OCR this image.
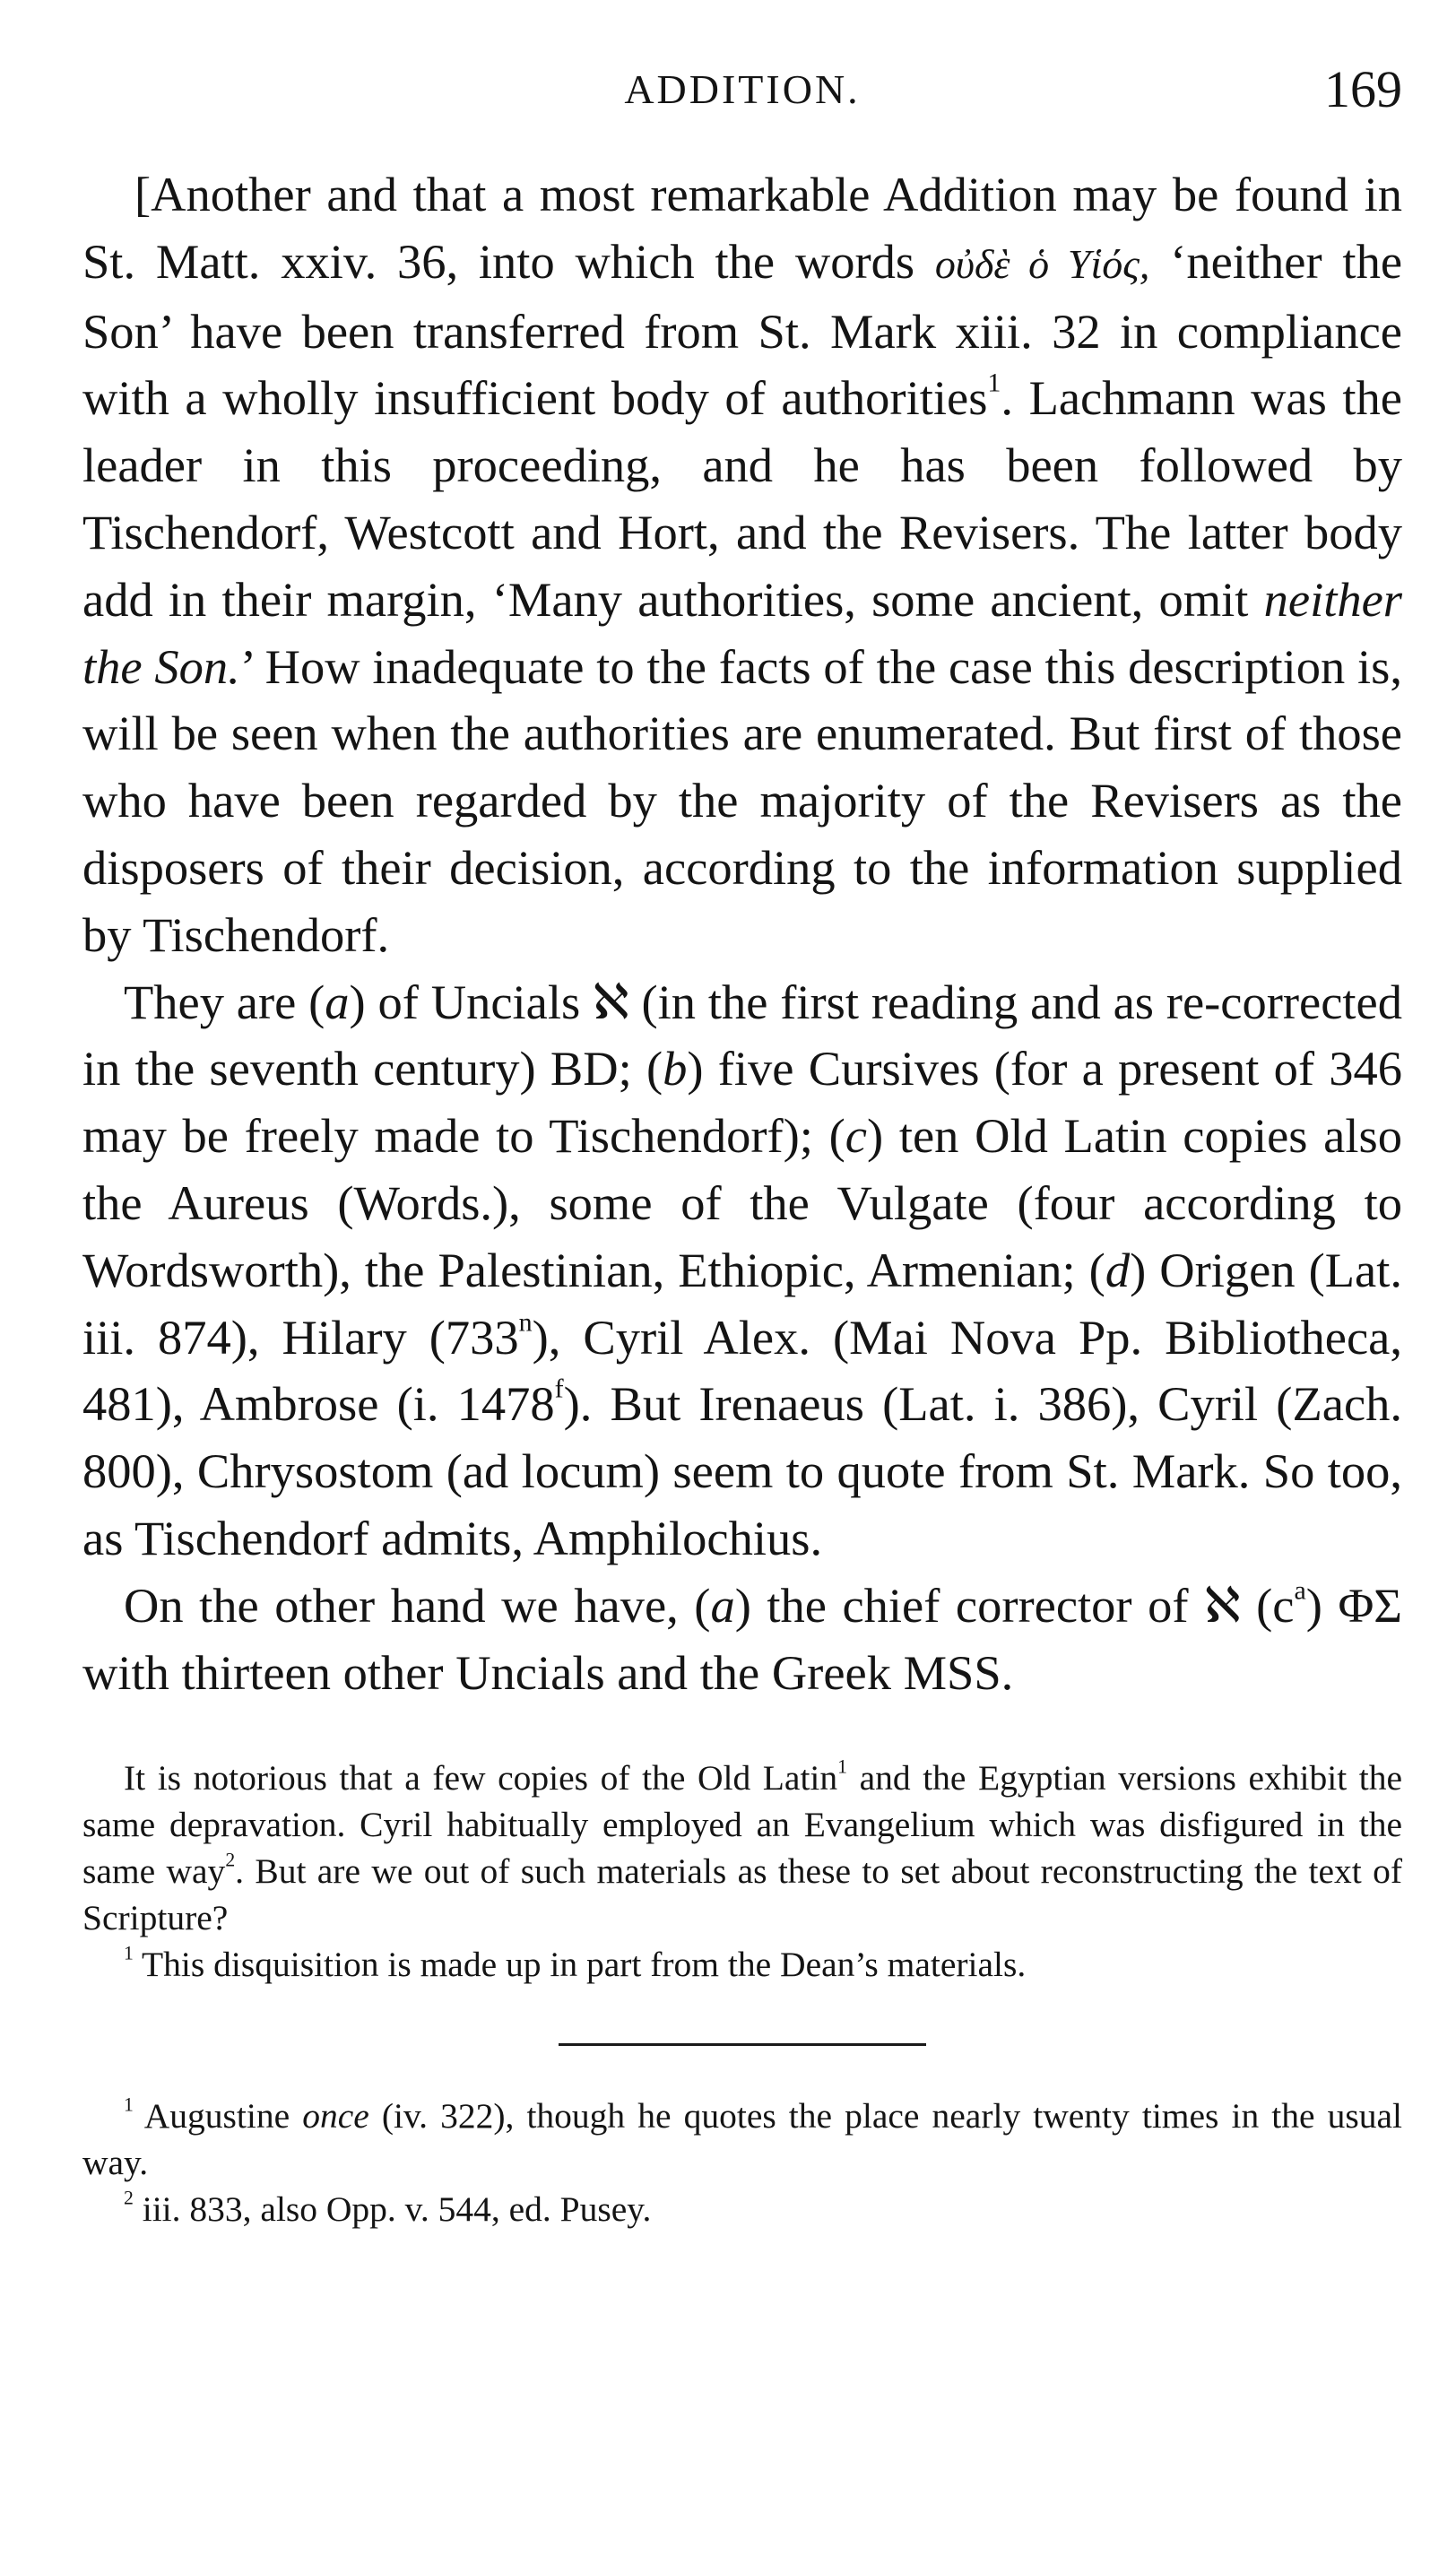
ADDITION.	169

[Another and that a most remarkable Addition may be found in St. Matt. xxiv. 36, into which the words οὐδὲ ὁ Υἱός, ‘neither the Son’ have been transferred from St. Mark xiii. 32 in compliance with a wholly insufficient body of authorities$^1$. Lachmann was the leader in this proceeding, and he has been followed by Tischendorf, Westcott and Hort, and the Revisers. The latter body add in their margin, ‘Many authorities, some ancient, omit neither the Son.’ How inadequate to the facts of the case this description is, will be seen when the authorities are enumerated. But first of those who have been regarded by the majority of the Revisers as the disposers of their decision, according to the information supplied by Tischendorf.

They are (a) of Uncials ℵ (in the first reading and as re-corrected in the seventh century) BD; (b) five Cursives (for a present of 346 may be freely made to Tischendorf); (c) ten Old Latin copies also the Aureus (Words.), some of the Vulgate (four according to Wordsworth), the Palestinian, Ethiopic, Armenian; (d) Origen (Lat. iii. 874), Hilary (733$^n$), Cyril Alex. (Mai Nova Pp. Bibliotheca, 481), Ambrose (i. 1478$^f$). But Irenaeus (Lat. i. 386), Cyril (Zach. 800), Chrysostom (ad locum) seem to quote from St. Mark. So too, as Tischendorf admits, Amphilochius.

On the other hand we have, (a) the chief corrector of ℵ $(c^a)$ ΦΣ with thirteen other Uncials and the Greek MSS.

It is notorious that a few copies of the Old Latin$^1$ and the Egyptian versions exhibit the same depravation. Cyril habitually employed an Evangelium which was disfigured in the same way$^2$. But are we out of such materials as these to set about reconstructing the text of Scripture?

$^1$ This disquisition is made up in part from the Dean’s materials.

$^1$ Augustine once (iv. 322), though he quotes the place nearly twenty times in the usual way.

$^2$ iii. 833, also Opp. v. 544, ed. Pusey.
